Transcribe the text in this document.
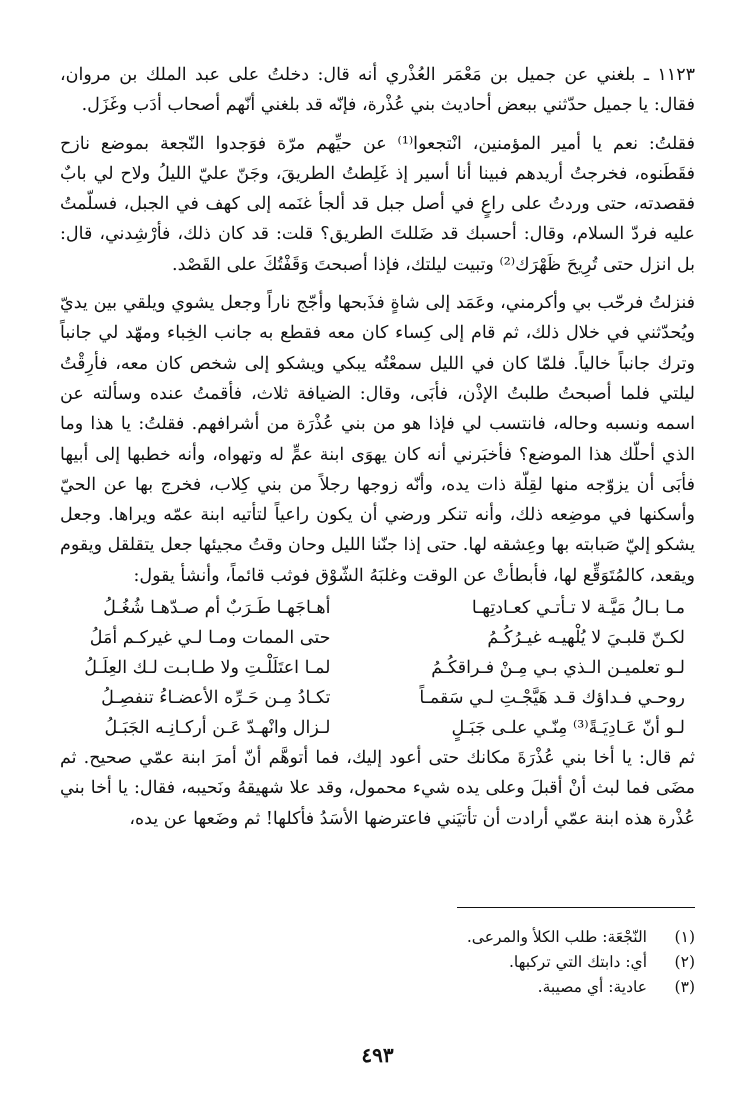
١١٢٣ ـ بلغني عن جميل بن مَعْمَر العُذْري أنه قال: دخلتُ على عبد الملك بن مروان، فقال: يا جميل حدّثني ببعض أحاديث بني عُذْرة، فإنّه قد بلغني أنّهم أصحاب أدَب وغَزَل.

فقلتُ: نعم يا أمير المؤمنين، انْتجعوا⁽¹⁾ عن حيِّهم مرّة فوَجدوا النّجعة بموضع نازح فقَطَنوه، فخرجتُ أريدهم فبينا أنا أسير إذ غَلِطتُ الطريقَ، وجَنّ عليّ الليلُ ولاح لي بابٌ فقصدته، حتى وردتُ على راعٍ في أصل جبل قد ألجأ غنَمه إلى كهف في الجبل، فسلّمتُ عليه فردّ السلام، وقال: أحسبك قد ضَللتَ الطريق؟ قلت: قد كان ذلك، فأرْشِدني، قال: بل انزل حتى تُرِيحَ ظَهْرَك⁽²⁾ وتبيت ليلتك، فإذا أصبحتَ وَقَفْتُكَ على القَصْد.

فنزلتُ فرحّب بي وأكرمني، وعَمَد إلى شاةٍ فذَبحها وأجّج ناراً وجعل يشوي ويلقي بين يديّ ويُحدّثني في خلال ذلك، ثم قام إلى كِساء كان معه فقطع به جانب الخِباء ومهّد لي جانباً وترك جانباً خالياً. فلمّا كان في الليل سمعْتُه يبكي ويشكو إلى شخص كان معه، فأرِقْتُ ليلتي فلما أصبحتُ طلبتُ الإذْن، فأبَى، وقال: الضيافة ثلاث، فأقمتُ عنده وسألته عن اسمه ونسبه وحاله، فانتسب لي فإذا هو من بني عُذْرَة من أشرافهم. فقلتُ: يا هذا وما الذي أحلّك هذا الموضع؟ فأخبَرني أنه كان يهوَى ابنة عمٍّ له وتهواه، وأنه خطبها إلى أبيها فأبَى أن يزوّجه منها لقِلّة ذات يده، وأنّه زوجها رجلاً من بني كِلاب، فخرج بها عن الحيّ وأسكنها في موضِعه ذلك، وأنه تنكر ورضي أن يكون راعياً لتأتيه ابنة عمّه ويراها. وجعل يشكو إليّ صَبابته بها وعِشقه لها. حتى إذا جنّنا الليل وحان وقتُ مجيئها جعل يتقلقل ويقوم ويقعد، كالمُتَوَقِّع لها، فأبطأتْ عن الوقت وغلبَهُ الشّوْق فوثب قائماً، وأنشأ يقول:

مـا بـالُ مَيَّـة لا تـأتـي كعـادتِهـا
أهـاجَهـا طَـرَبٌ أم صـدّهـا شُغُـلُ
لكـنّ قلبـيَ لا يُلْهيـه غيـرُكُـمُ
حتى الممات ومـا لـي غيركـم أمَلُ
لـو تعلميـن الـذي بـي مِـنْ فـراقكُـمُ
لمـا اعتَلَلْـتِ ولا طـابـت لـك العِلَـلُ
روحـي فـداؤك قـد هَيَّجْـتِ لـي سَقمـاً
تكـادُ مِـن حَـرِّه الأعضـاءُ تنفصِـلُ
لـو أنّ عَـادِيَـةً⁽³⁾ مِنّـي علـى جَبَـلٍ
لـزال وانْهـدّ عَـن أركـانِـه الجَبَـلُ

ثم قال: يا أخا بني عُذْرَةَ مكانك حتى أعود إليك، فما أتوهَّم أنّ أمرَ ابنة عمّي صحيح. ثم مضَى فما لبث أنْ أقبلَ وعلى يده شيء محمول، وقد علا شهيقهُ ونَحيبه، فقال: يا أخا بني عُذْرة هذه ابنة عمّي أرادت أن تأتيَني فاعترضها الأسَدُ فأكلها! ثم وضَعها عن يده،

(١)
النّجْعَة: طلب الكلأ والمرعى.
(٢)
أي: دابتك التي تركبها.
(٣)
عادية: أي مصيبة.
٤٩٣
